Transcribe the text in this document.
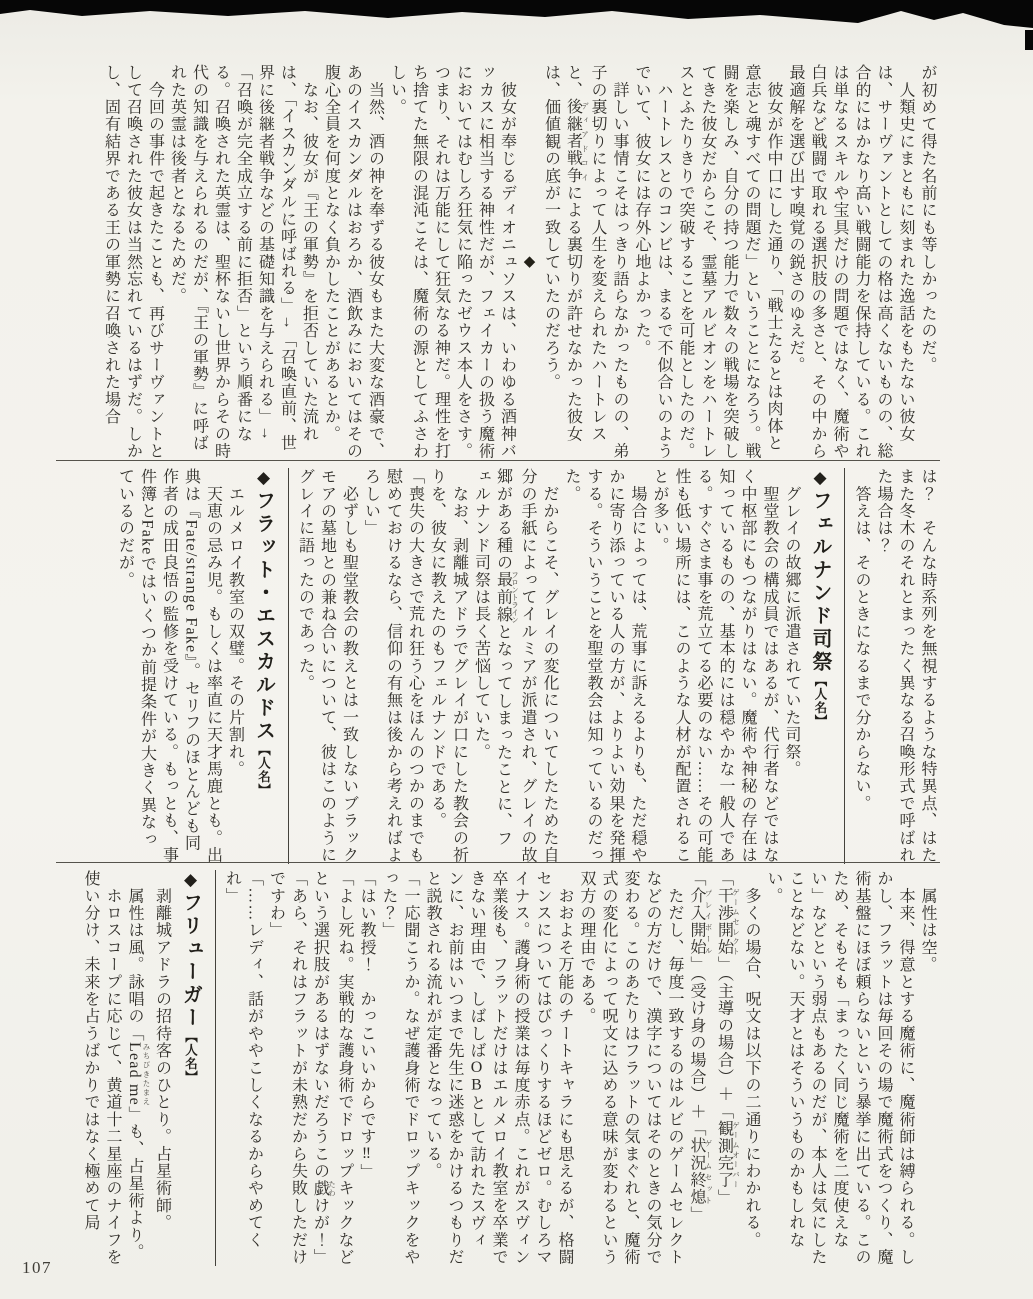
が初めて得た名前にも等しかったのだ。

　人類史にまともに刻まれた逸話をもたない彼女は、サーヴァントとしての格は高くないものの、総合的にはかなり高い戦闘能力を保持している。これは単なるスキルや宝具だけの問題ではなく、魔術や白兵など戦闘で取れる選択肢の多さと、その中から最適解を選び出す嗅覚の鋭さのゆえだ。

　彼女が作中口にした通り、「戦士たるとは肉体と意志と魂すべての問題だ」ということになろう。戦闘を楽しみ、自分の持つ能力で数々の戦場を突破してきた彼女だからこそ、霊墓アルビオンをハートレスとふたりきりで突破することを可能としたのだ。

　ハートレスとのコンビは、まるで不似合いのようでいて、彼女には存外心地よかった。

　詳しい事情こそはっきり語らなかったものの、弟子の裏切りによって人生を変えられたハートレスと、後継者戦争 ディアドコイによる裏切りが許せなかった彼女は、価値観の底が一致していたのだろう。

◆

　彼女が奉じるディオニュソスは、いわゆる酒神バッカスに相当する神性だが、フェイカーの扱う魔術においてはむしろ狂気に陥ったゼウス本人をさす。つまり、それは万能にして狂気なる神だ。理性を打ち捨てた無限の混沌こそは、魔術の源としてふさわしい。

　当然、酒の神を奉ずる彼女もまた大変な酒豪で、あのイスカンダルはおろか、酒飲みにおいてはその腹心全員を何度となく負かしたことがあるとか。

　なお、彼女が『王の軍勢』を拒否していた流れは、「イスカンダルに呼ばれる」↓「召喚直前、世界に後継者戦争などの基礎知識を与えられる」↓「召喚が完全成立する前に拒否」という順番になる。召喚された英霊は、聖杯ないし世界からその時代の知識を与えられるのだが、『王の軍勢』に呼ばれた英霊は後者となるためだ。

　今回の事件で起きたことも、再びサーヴァントとして召喚された彼女は当然忘れているはずだ。しかし、固有結界である王の軍勢に召喚された場合

は？　そんな時系列を無視するような特異点、はたまた冬木のそれとまったく異なる召喚形式で呼ばれた場合は？

　答えは、そのときになるまで分からない。

◆フェルナンド司祭【人名】

　グレイの故郷に派遣されていた司祭。

　聖堂教会の構成員ではあるが、代行者などではなく中枢部にもつながりはない。魔術や神秘の存在は知っているものの、基本的には穏やかな一般人である。すぐさま事を荒立てる必要のない……その可能性も低い場所には、このような人材が配置されることが多い。

　場合によっては、荒事に訴えるよりも、ただ穏やかに寄り添っている人の方が、よりよい効果を発揮する。そういうことを聖堂教会は知っているのだった。

　だからこそ、グレイの変化についてしたためた自分の手紙によってイルミアが派遣され、グレイの故郷がある種の最前線 フロントラインとなってしまったことに、フェルナンド司祭は長く苦悩していた。

　なお、剥離城アドラでグレイが口にした教会の祈りを、彼女に教えたのもフェルナンドである。

「喪失の大きさで荒れ狂う心をほんのつかのまでも慰めておけるなら、信仰の有無は後から考えればよろしい」

　必ずしも聖堂教会の教えとは一致しないブラックモアの墓地との兼ね合いについて、彼はこのようにグレイに語ったのであった。

◆フラット・エスカルドス【人名】

　エルメロイ教室の双璧。その片割れ。

　天恵の忌み児。もしくは率直に天才馬鹿とも。出典は『Fate/strange Fake』。セリフのほとんども同作者の成田良悟の監修を受けている。もっとも、事件簿とFakeではいくつか前提条件が大きく異なっているのだが。

　属性は空。

　本来、得意とする魔術に、魔術師は縛られる。しかし、フラットは毎回その場で魔術式をつくり、魔術基盤にほぼ頼らないという暴挙に出ている。このため、そもそも「まったく同じ魔術を二度使えない」などという弱点もあるのだが、本人は気にしたことなどない。天才とはそういうものかもしれない。

　多くの場合、呪文は以下の二通りにわかれる。

「干渉開始 ゲームセレクト」（主導の場合）＋「観測完了 ゲームオーバー」

「介入開始 プレイボール」（受け身の場合）＋「状況終熄 ゲームセット」

　ただし、毎度一致するのはルビのゲームセレクトなどの方だけで、漢字についてはそのときの気分で変わる。このあたりはフラットの気まぐれと、魔術式の変化によって呪文に込める意味が変わるという双方の理由である。

　おおよそ万能のチートキャラにも思えるが、格闘センスについてはびっくりするほどゼロ。むしろマイナス。護身術の授業は毎度赤点。これがスヴィン卒業後も、フラットだけはエルメロイ教室を卒業できない理由で、しばしばOBとして訪れたスヴィンに、お前はいつまで先生に迷惑をかけるつもりだと説教される流れが定番となっている。

「一応聞こうか。なぜ護身術でドロップキックをやった？」

「はい教授！　かっこいいからです‼」

「よし死ね。実戦的な護身術でドロップキックなどという選択肢があるはずないだろうこの戯 たわけが！」

「あら、それはフラットが未熟だから失敗しただけですわ」

「……レディ、話がややこしくなるからやめてくれ」

◆フリューガー【人名】

　剥離城アドラの招待客のひとり。占星術師。

　属性は風。詠唱の「Lead me みちびきたまえ」も、占星術より。

　ホロスコープに応じて、黄道十二星座のナイフを使い分け、未来を占うばかりではなく極めて局

107
